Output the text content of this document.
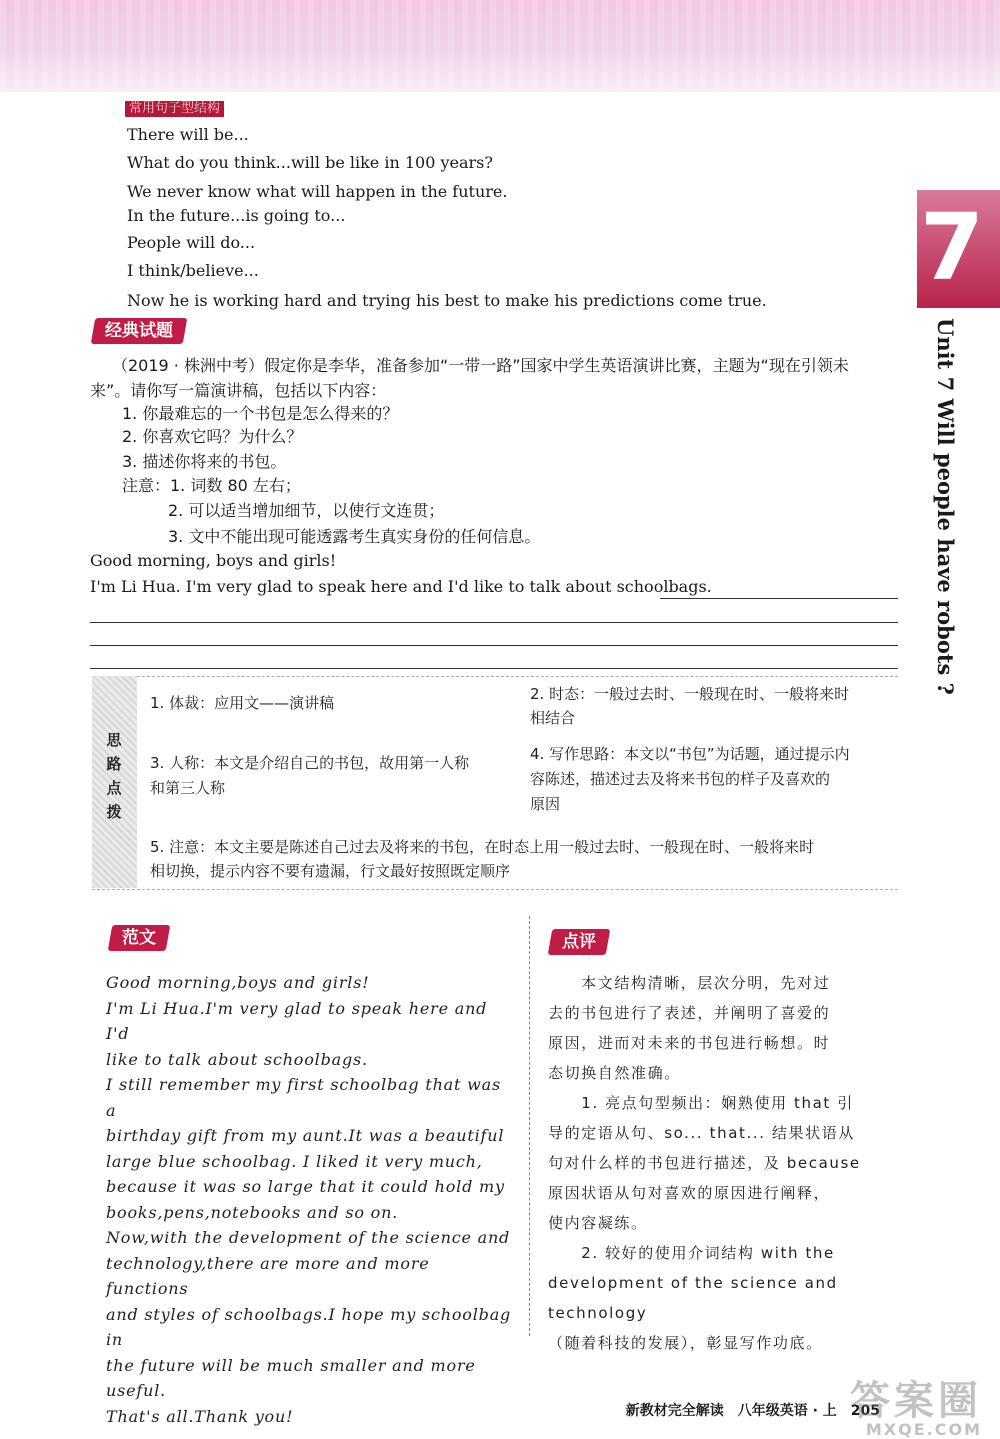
常用句子型结构
There will be...
What do you think...will be like in 100 years?
We never know what will happen in the future.
In the future...is going to...
People will do...
I think/believe...
Now he is working hard and trying his best to make his predictions come true.
经典试题
（2019 · 株洲中考）假定你是李华，准备参加“一带一路”国家中学生英语演讲比赛，主题为“现在引领未
来”。请你写一篇演讲稿，包括以下内容：
1. 你最难忘的一个书包是怎么得来的？
2. 你喜欢它吗？为什么？
3. 描述你将来的书包。
注意：1. 词数 80 左右；
2. 可以适当增加细节，以使行文连贯；
3. 文中不能出现可能透露考生真实身份的任何信息。
Good morning, boys and girls!
I'm Li Hua. I'm very glad to speak here and I'd like to talk about schoolbags.
7
Unit 7 Will people have robots ?
思
路
点
拨
1. 体裁：应用文——演讲稿	2. 时态：一般过去时、一般现在时、一般将来时
相结合
3. 人称：本文是介绍自己的书包，故用第一人称
和第三人称
4. 写作思路：本文以“书包”为话题，通过提示内
容陈述，描述过去及将来书包的样子及喜欢的
原因
5. 注意：本文主要是陈述自己过去及将来的书包，在时态上用一般过去时、一般现在时、一般将来时
相切换，提示内容不要有遗漏，行文最好按照既定顺序
范文
Good morning,boys and girls!
I'm Li Hua.I'm very glad to speak here and I'd
like to talk about schoolbags.
I still remember my first schoolbag that was a
birthday gift from my aunt.It was a beautiful
large blue schoolbag. I liked it very much,
because it was so large that it could hold my
books,pens,notebooks and so on.
Now,with the development of the science and
technology,there are more and more functions
and styles of schoolbags.I hope my schoolbag in
the future will be much smaller and more useful.
That's all.Thank you!
点评
　　本文结构清晰，层次分明，先对过
去的书包进行了表述，并阐明了喜爱的
原因，进而对未来的书包进行畅想。时
态切换自然准确。
　　1. 亮点句型频出：娴熟使用 that 引
导的定语从句、so... that... 结果状语从
句对什么样的书包进行描述，及 because
原因状语从句对喜欢的原因进行阐释，
使内容凝练。
　　2. 较好的使用介词结构 with the
development of the science and technology
（随着科技的发展），彰显写作功底。
新教材完全解读　八年级英语 · 上　205
答案圈
MXQE.COM
